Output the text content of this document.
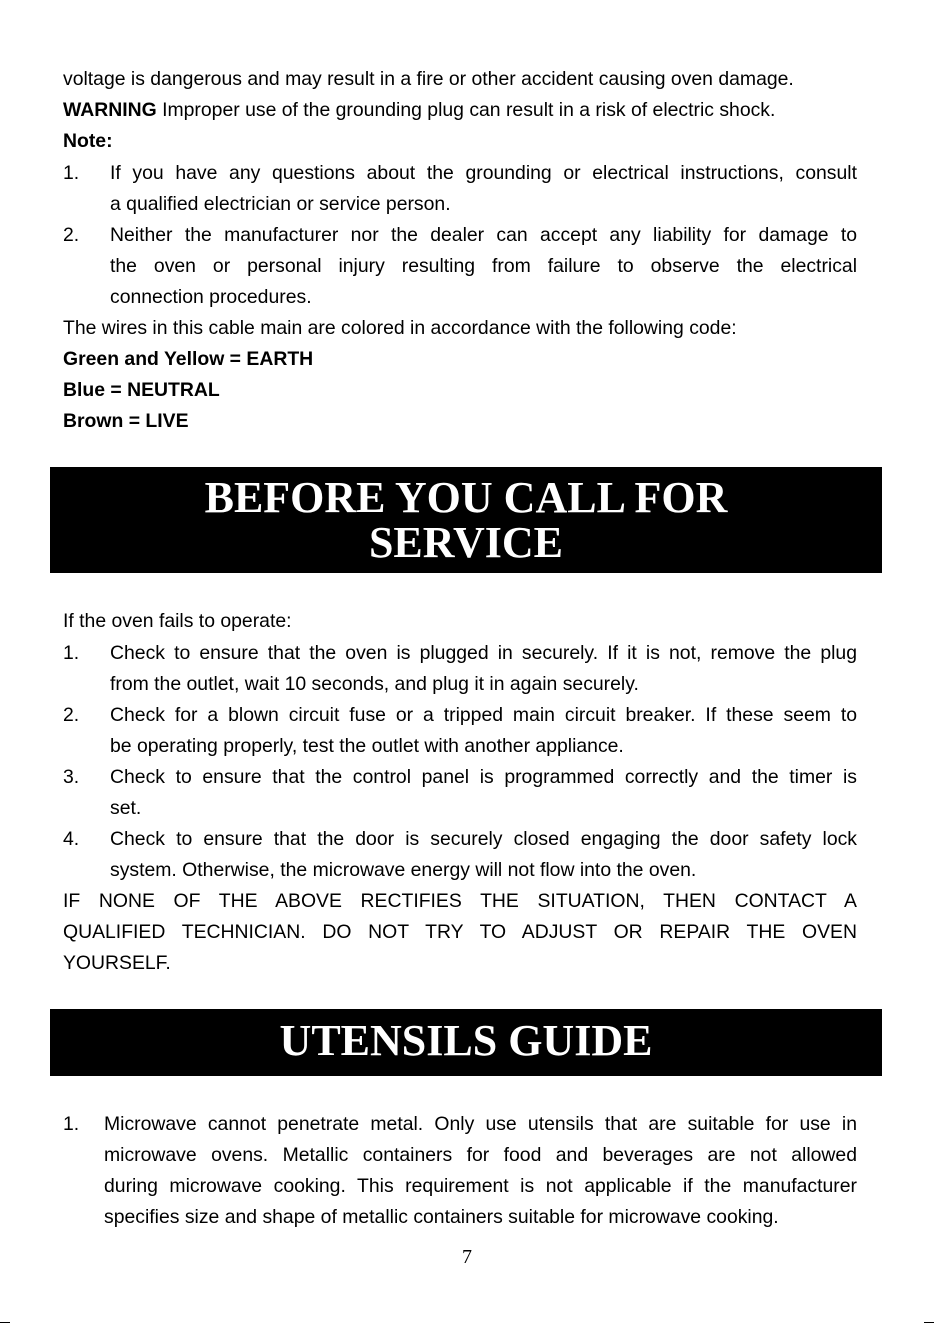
voltage is dangerous and may result in a fire or other accident causing oven damage.

WARNING Improper use of the grounding plug can result in a risk of electric shock.

Note:

1. If you have any questions about the grounding or electrical instructions, consult
a qualified electrician or service person.
2. Neither the manufacturer nor the dealer can accept any liability for damage to
the oven or personal injury resulting from failure to observe the electrical
connection procedures.

The wires in this cable main are colored in accordance with the following code:

Green and Yellow = EARTH

Blue = NEUTRAL

Brown = LIVE

BEFORE YOU CALL FOR
SERVICE

If the oven fails to operate:

1. Check to ensure that the oven is plugged in securely. If it is not, remove the plug
from the outlet, wait 10 seconds, and plug it in again securely.
2. Check for a blown circuit fuse or a tripped main circuit breaker. If these seem to
be operating properly, test the outlet with another appliance.
3. Check to ensure that the control panel is programmed correctly and the timer is
set.
4. Check to ensure that the door is securely closed engaging the door safety lock
system. Otherwise, the microwave energy will not flow into the oven.
IF NONE OF THE ABOVE RECTIFIES THE SITUATION, THEN CONTACT A
QUALIFIED TECHNICIAN. DO NOT TRY TO ADJUST OR REPAIR THE OVEN
YOURSELF.
UTENSILS GUIDE
1. Microwave cannot penetrate metal. Only use utensils that are suitable for use in
microwave ovens. Metallic containers for food and beverages are not allowed
during microwave cooking. This requirement is not applicable if the manufacturer
specifies size and shape of metallic containers suitable for microwave cooking.
7
